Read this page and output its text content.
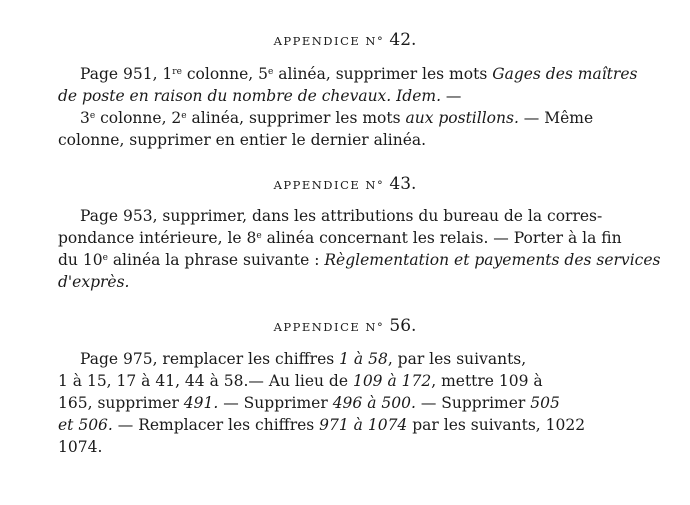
APPENDICE N° 42.
Page 951, 1re colonne, 5e alinéa, supprimer les mots Gages des maîtres
de poste en raison du nombre de chevaux. Idem. —
3e colonne, 2e alinéa, supprimer les mots aux postillons. — Même
colonne, supprimer en entier le dernier alinéa.
APPENDICE N° 43.
Page 953, supprimer, dans les attributions du bureau de la corres-
pondance intérieure, le 8e alinéa concernant les relais. — Porter à la fin
du 10e alinéa la phrase suivante : Règlementation et payements des services
d'exprès.
APPENDICE N° 56.
Page 975, remplacer les chiffres 1 à 58, par les suivants,
1 à 15, 17 à 41, 44 à 58.— Au lieu de 109 à 172, mettre 109 à
165, supprimer 491. — Supprimer 496 à 500. — Supprimer 505
et 506. — Remplacer les chiffres 971 à 1074 par les suivants, 1022
1074.
